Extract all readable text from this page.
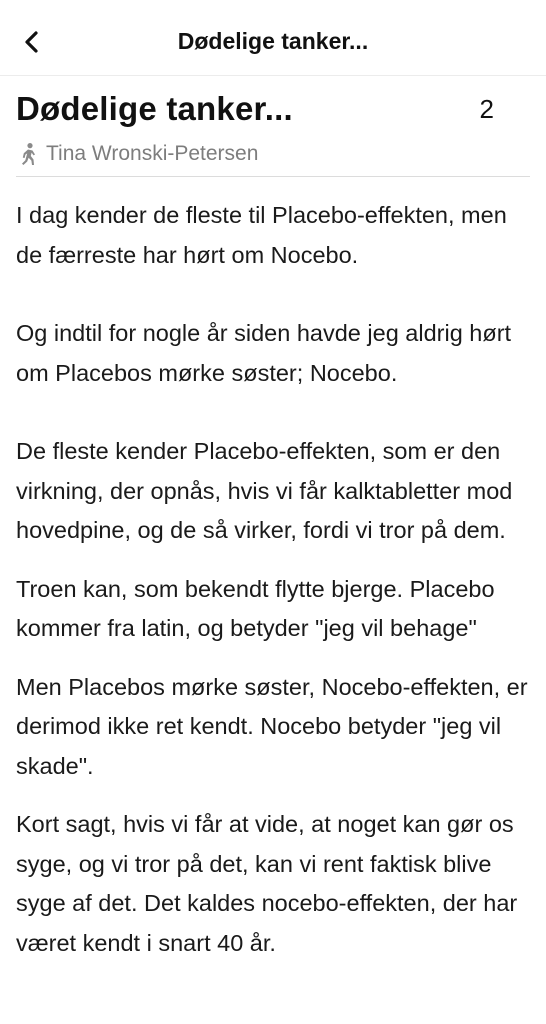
Dødelige tanker...
Dødelige tanker...	2
Tina Wronski-Petersen

I dag kender de fleste til Placebo-effekten, men de færreste har hørt om Nocebo.

Og indtil for nogle år siden havde jeg aldrig hørt om Placebos mørke søster; Nocebo.

De fleste kender Placebo-effekten, som er den virkning, der opnås, hvis vi får kalktabletter mod hovedpine, og de så virker, fordi vi tror på dem.

Troen kan, som bekendt flytte bjerge. Placebo kommer fra latin, og betyder "jeg vil behage"

Men Placebos mørke søster, Nocebo-effekten, er derimod ikke ret kendt. Nocebo betyder "jeg vil skade".

Kort sagt, hvis vi får at vide, at noget kan gør os syge, og vi tror på det, kan vi rent faktisk blive syge af det. Det kaldes nocebo-effekten, der har været kendt i snart 40 år.
